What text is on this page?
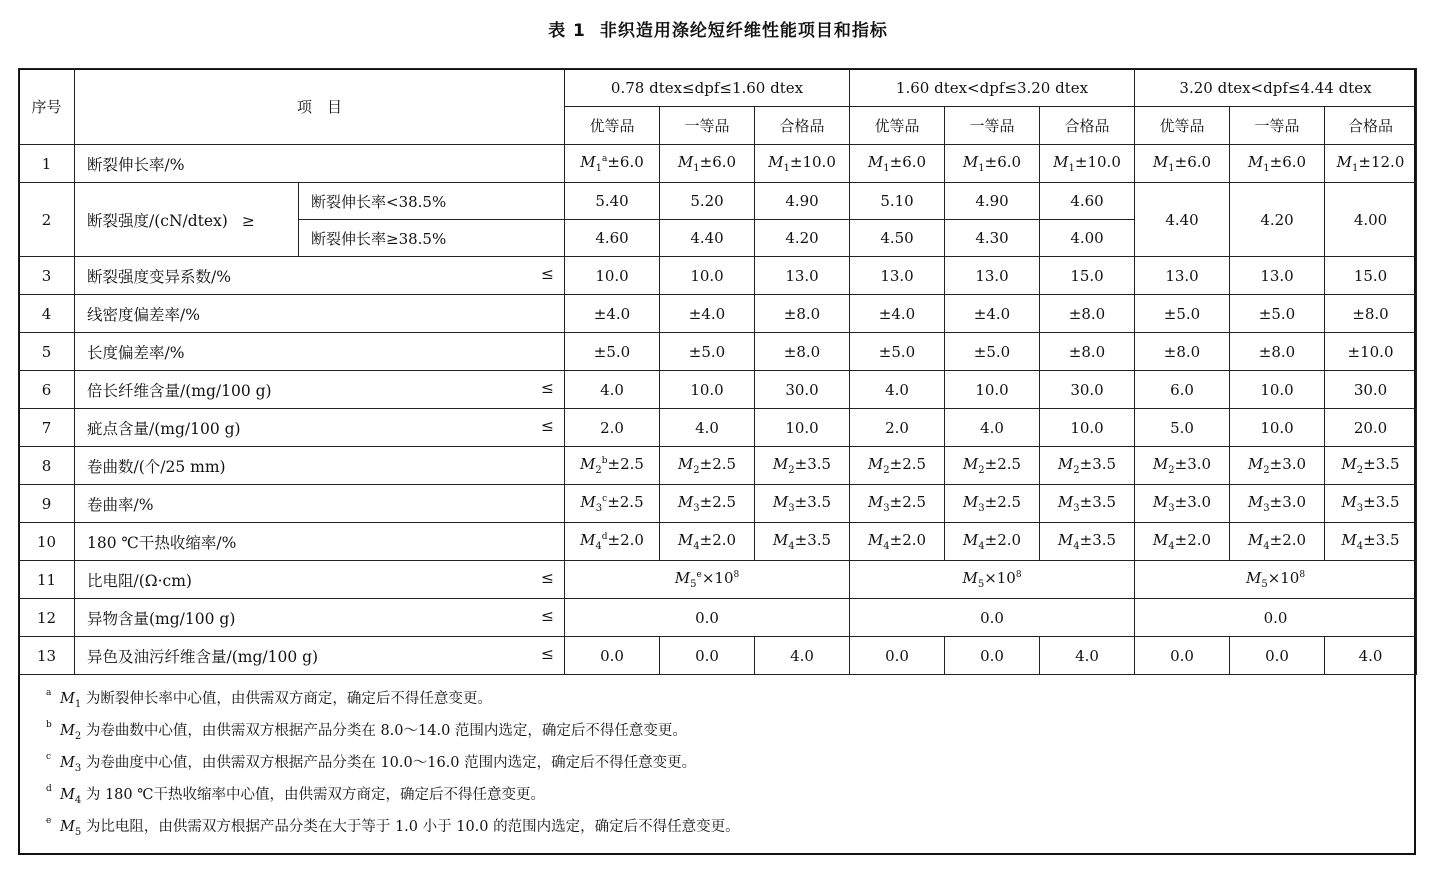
表 1 非织造用涤纶短纤维性能项目和指标
序号	项　目		0.78 dtex≤dpf≤1.60 dtex			1.60 dtex<dpf≤3.20 dtex			3.20 dtex<dpf≤4.44 dtex		
			优等品	一等品	合格品	优等品	一等品	合格品	优等品	一等品	合格品
1	断裂伸长率/%		$M_1^a\pm 6.0$	$M_1\pm 6.0$	$M_1\pm 10.0$	$M_1\pm 6.0$	$M_1\pm 6.0$	$M_1\pm 10.0$	$M_1\pm 6.0$	$M_1\pm 6.0$	$M_1\pm 12.0$
2	断裂强度/(cN/dtex) ≥	断裂伸长率<38.5%	5.40	5.20	4.90	5.10	4.90	4.60	4.40	4.20	4.00
		断裂伸长率≥38.5%	4.60	4.40	4.20	4.50	4.30	4.00			
3	断裂强度变异系数/% ≤		10.0	10.0	13.0	13.0	13.0	15.0	13.0	13.0	15.0
4	线密度偏差率/%		±4.0	±4.0	±8.0	±4.0	±4.0	±8.0	±5.0	±5.0	±8.0
5	长度偏差率/%		±5.0	±5.0	±8.0	±5.0	±5.0	±8.0	±8.0	±8.0	±10.0
6	倍长纤维含量/(mg/100 g) ≤		4.0	10.0	30.0	4.0	10.0	30.0	6.0	10.0	30.0
7	疵点含量/(mg/100 g) ≤		2.0	4.0	10.0	2.0	4.0	10.0	5.0	10.0	20.0
8	卷曲数/(个/25 mm)		$M_2^b\pm 2.5$	$M_2\pm 2.5$	$M_2\pm 3.5$	$M_2\pm 2.5$	$M_2\pm 2.5$	$M_2\pm 3.5$	$M_2\pm 3.0$	$M_2\pm 3.0$	$M_2\pm 3.5$
9	卷曲率/%		$M_3^c\pm 2.5$	$M_3\pm 2.5$	$M_3\pm 3.5$	$M_3\pm 2.5$	$M_3\pm 2.5$	$M_3\pm 3.5$	$M_3\pm 3.0$	$M_3\pm 3.0$	$M_3\pm 3.5$
10	180 ℃干热收缩率/%		$M_4^d\pm 2.0$	$M_4\pm 2.0$	$M_4\pm 3.5$	$M_4\pm 2.0$	$M_4\pm 2.0$	$M_4\pm 3.5$	$M_4\pm 2.0$	$M_4\pm 2.0$	$M_4\pm 3.5$
11	比电阻/(Ω·cm) ≤		$M_5^e\times 10^8$			$M_5\times 10^8$			$M_5\times 10^8$
12	异物含量(mg/100 g) ≤		0.0			0.0			0.0		
13	异色及油污纤维含量/(mg/100 g) ≤		0.0	0.0	4.0	0.0	0.0	4.0	0.0	0.0	4.0
a $M_1$ 为断裂伸长率中心值，由供需双方商定，确定后不得任意变更。
b $M_2$ 为卷曲数中心值，由供需双方根据产品分类在 8.0～14.0 范围内选定，确定后不得任意变更。
c $M_3$ 为卷曲度中心值，由供需双方根据产品分类在 10.0～16.0 范围内选定，确定后不得任意变更。
d $M_4$ 为 180 ℃干热收缩率中心值，由供需双方商定，确定后不得任意变更。
e $M_5$ 为比电阻，由供需双方根据产品分类在大于等于 1.0 小于 10.0 的范围内选定，确定后不得任意变更。
